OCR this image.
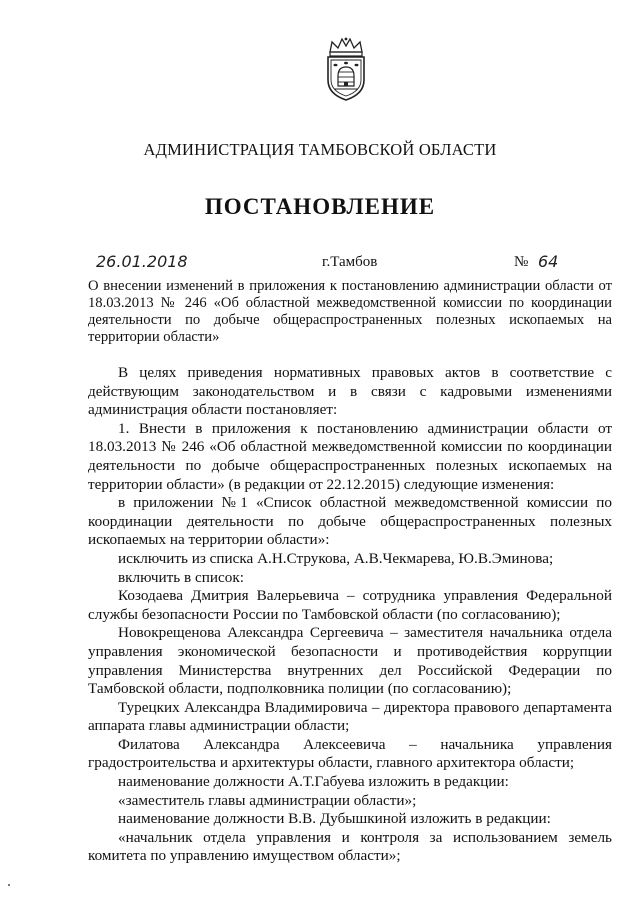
АДМИНИСТРАЦИЯ ТАМБОВСКОЙ ОБЛАСТИ
ПОСТАНОВЛЕНИЕ
26.01.2018	г.Тамбов	№ 64
О внесении изменений в приложения к постановлению администрации области от 18.03.2013 № 246 «Об областной межведомственной комиссии по координации деятельности по добыче общераспространенных полезных ископаемых на территории области»

В целях приведения нормативных правовых актов в соответствие с действующим законодательством и в связи с кадровыми изменениями администрация области постановляет:

1. Внести в приложения к постановлению администрации области от 18.03.2013 № 246 «Об областной межведомственной комиссии по координации деятельности по добыче общераспространенных полезных ископаемых на территории области» (в редакции от 22.12.2015) следующие изменения:

в приложении №1 «Список областной межведомственной комиссии по координации деятельности по добыче общераспространенных полезных ископаемых на территории области»:

исключить из списка А.Н.Струкова, А.В.Чекмарева, Ю.В.Эминова;

включить в список:

Козодаева Дмитрия Валерьевича – сотрудника управления Федеральной службы безопасности России по Тамбовской области (по согласованию);

Новокрещенова Александра Сергеевича – заместителя начальника отдела управления экономической безопасности и противодействия коррупции управления Министерства внутренних дел Российской Федерации по Тамбовской области, подполковника полиции (по согласованию);

Турецких Александра Владимировича – директора правового департамента аппарата главы администрации области;

Филатова Александра Алексеевича – начальника управления градостроительства и архитектуры области, главного архитектора области;

наименование должности А.Т.Габуева изложить в редакции:

«заместитель главы администрации области»;

наименование должности В.В. Дубышкиной изложить в редакции:

«начальник отдела управления и контроля за использованием земель комитета по управлению имуществом области»;
